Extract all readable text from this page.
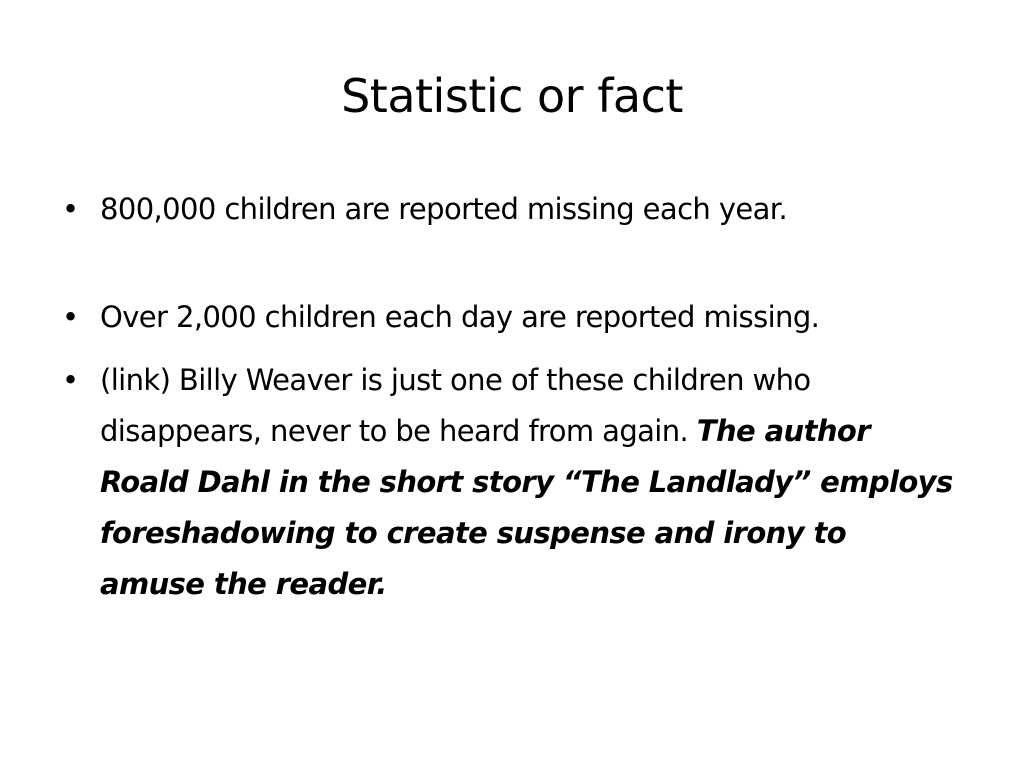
Statistic or fact
• 800,000 children are reported missing each year.
• Over 2,000 children each day are reported missing.
• (link) Billy Weaver is just one of these children who disappears, never to be heard from again. The author Roald Dahl in the short story “The Landlady” employs foreshadowing to create suspense and irony to amuse the reader.
